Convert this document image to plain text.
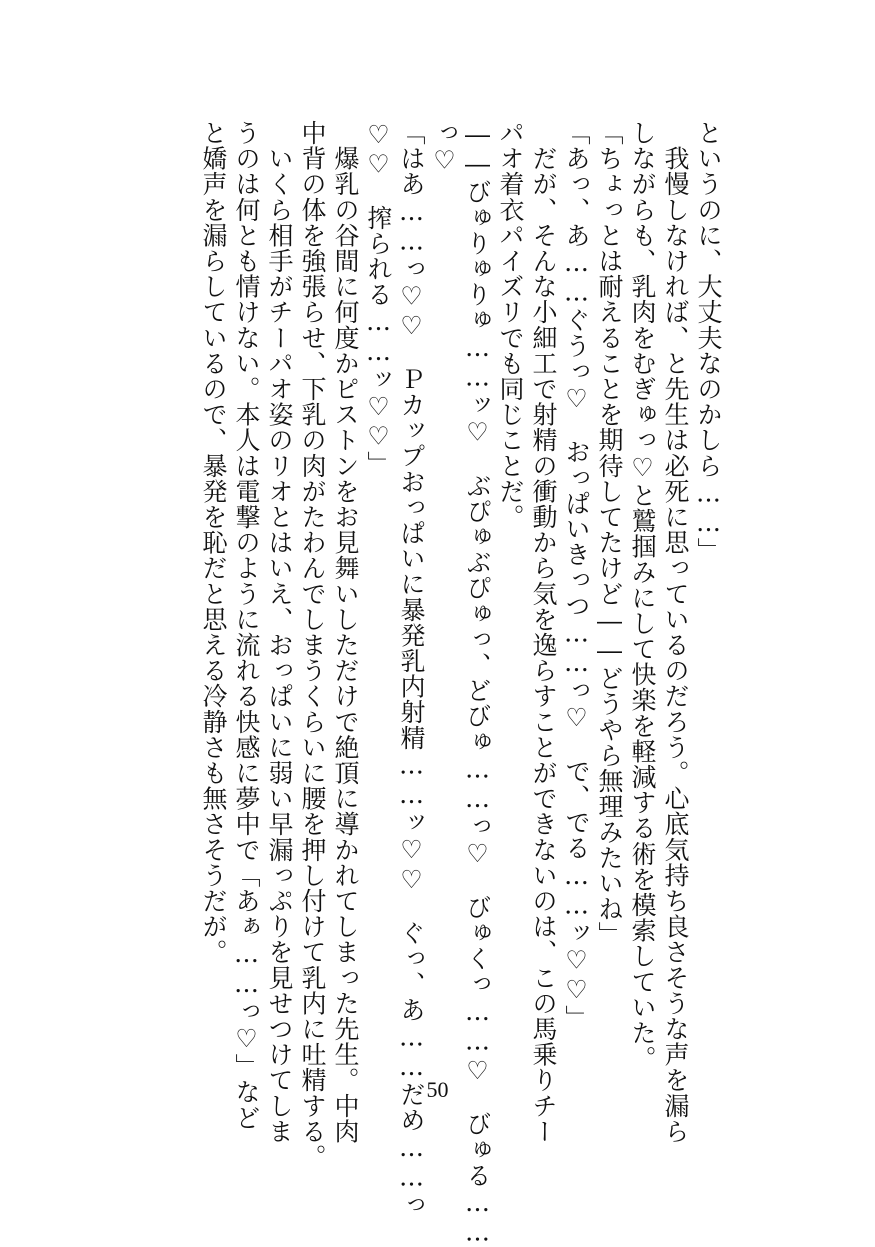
というのに、大丈夫なのかしら……」
　我慢しなければ、と先生は必死に思っているのだろう。心底気持ち良さそうな声を漏ら
しながらも、乳肉をむぎゅっ♡と鷲掴みにして快楽を軽減する術を模索していた。
「ちょっとは耐えることを期待してたけど――どうやら無理みたいね」
「あっ、あ……ぐうっ♡　おっぱいきっつ……っ♡　で、でる……ッ♡♡」
　だが、そんな小細工で射精の衝動から気を逸らすことができないのは、この馬乗りチー
パオ着衣パイズリでも同じことだ。
――びゅりゅりゅ……ッ♡　ぶぴゅぶぴゅっ、どびゅ……っ♡　びゅくっ……♡　びゅる……
っ♡
「はあ……っ♡♡　Ｐカップおっぱいに暴発乳内射精……ッ♡♡　ぐっ、あ……だめ……っ
♡♡　搾られる……ッ♡♡」
　爆乳の谷間に何度かピストンをお見舞いしただけで絶頂に導かれてしまった先生。中肉
中背の体を強張らせ、下乳の肉がたわんでしまうくらいに腰を押し付けて乳内に吐精する。
　いくら相手がチーパオ姿のリオとはいえ、おっぱいに弱い早漏っぷりを見せつけてしま
うのは何とも情けない。本人は電撃のように流れる快感に夢中で「あぁ……っ♡」など
と嬌声を漏らしているので、暴発を恥だと思える冷静さも無さそうだが。
50
